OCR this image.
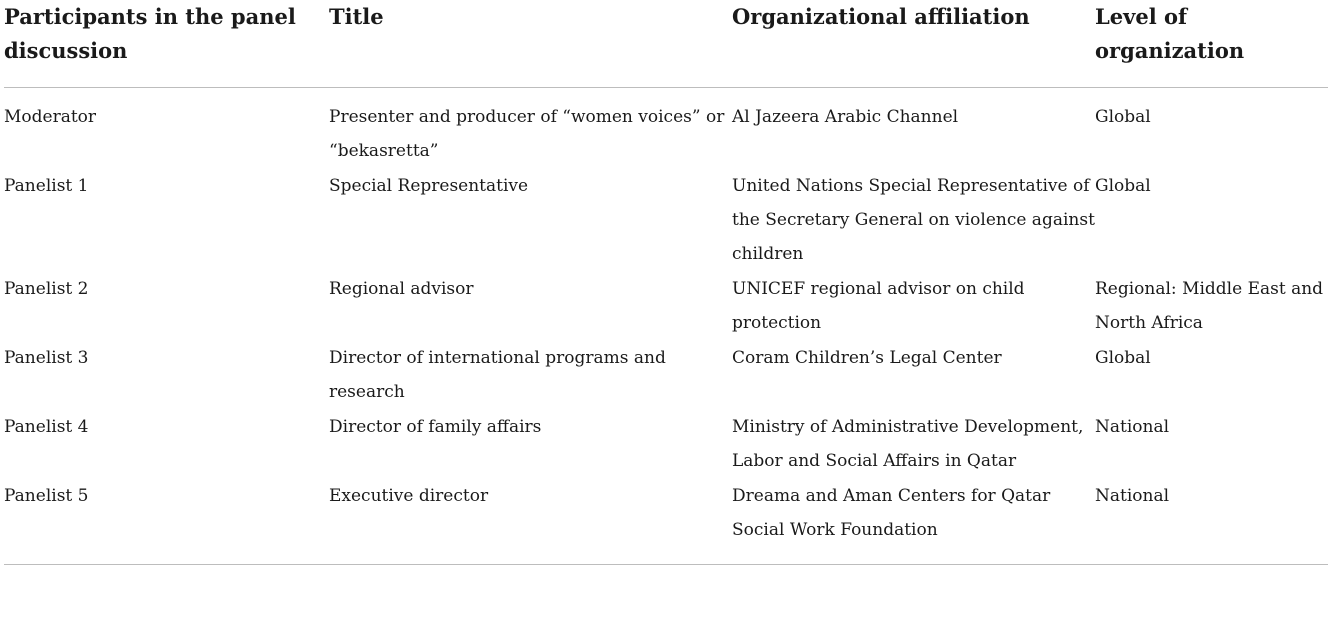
Participants in the panel discussion	Title	Organizational affiliation	Level of organization
Moderator	Presenter and producer of “women voices” or “bekasretta”	Al Jazeera Arabic Channel	Global
Panelist 1	Special Representative	United Nations Special Representative of the Secretary General on violence against children	Global
Panelist 2	Regional advisor	UNICEF regional advisor on child protection	Regional: Middle East and North Africa
Panelist 3	Director of international programs and research	Coram Children’s Legal Center	Global
Panelist 4	Director of family affairs	Ministry of Administrative Development, Labor and Social Affairs in Qatar	National
Panelist 5	Executive director	Dreama and Aman Centers for Qatar Social Work Foundation	National
